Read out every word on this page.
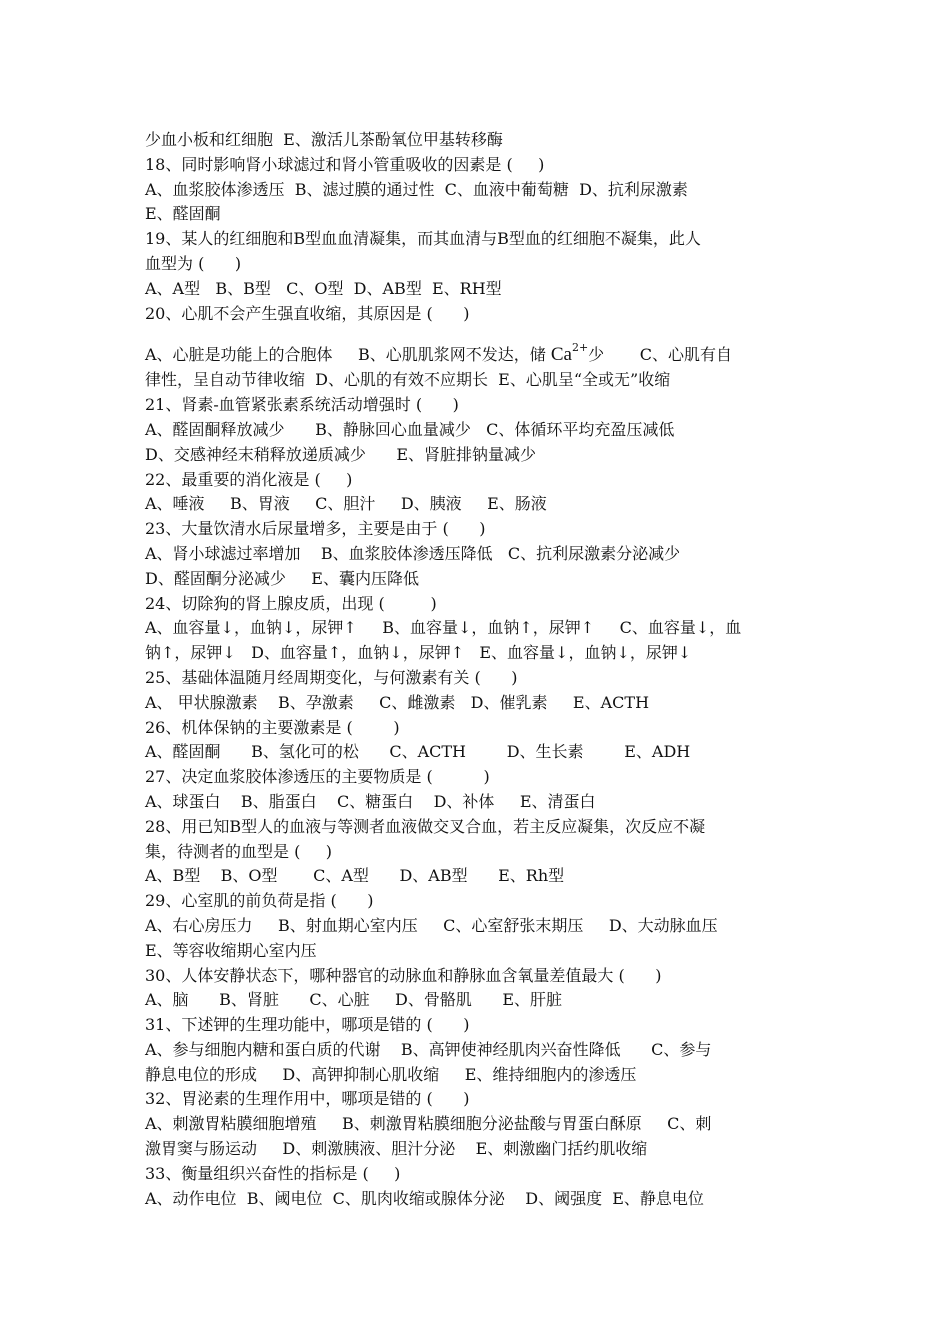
少血小板和红细胞  E、激活儿茶酚氧位甲基转移酶
18、同时影响肾小球滤过和肾小管重吸收的因素是 (     )
A、血浆胶体渗透压  B、滤过膜的通过性  C、血液中葡萄糖  D、抗利尿激素
E、醛固酮
19、某人的红细胞和B型血血清凝集，而其血清与B型血的红细胞不凝集，此人
血型为 (      )
A、A型   B、B型   C、O型  D、AB型  E、RH型
20、心肌不会产生强直收缩，其原因是 (      )
A、心脏是功能上的合胞体     B、心肌肌浆网不发达，储 $Ca^{2+}$少       C、心肌有自
律性，呈自动节律收缩  D、心肌的有效不应期长  E、心肌呈“全或无”收缩
21、肾素-血管紧张素系统活动增强时 (      )
A、醛固酮释放减少      B、静脉回心血量减少   C、体循环平均充盈压减低
D、交感神经末稍释放递质减少      E、肾脏排钠量减少
22、最重要的消化液是 (     )
A、唾液     B、胃液     C、胆汁     D、胰液     E、肠液
23、大量饮清水后尿量增多，主要是由于 (      )
A、肾小球滤过率增加    B、血浆胶体渗透压降低   C、抗利尿激素分泌减少
D、醛固酮分泌减少     E、囊内压降低
24、切除狗的肾上腺皮质，出现 (         )
A、血容量↓，血钠↓，尿钾↑     B、血容量↓，血钠↑，尿钾↑     C、血容量↓，血
钠↑，尿钾↓   D、血容量↑，血钠↓，尿钾↑   E、血容量↓，血钠↓，尿钾↓
25、基础体温随月经周期变化，与何激素有关 (      )
A、 甲状腺激素    B、孕激素     C、雌激素   D、催乳素     E、ACTH
26、机体保钠的主要激素是 (        )
A、醛固酮      B、氢化可的松      C、ACTH        D、生长素        E、ADH
27、决定血浆胶体渗透压的主要物质是 (          )
A、球蛋白    B、脂蛋白    C、糖蛋白    D、补体     E、清蛋白
28、用已知B型人的血液与等测者血液做交叉合血，若主反应凝集，次反应不凝
集，待测者的血型是 (     )
A、B型    B、O型       C、A型      D、AB型      E、Rh型
29、心室肌的前负荷是指 (      )
A、右心房压力     B、射血期心室内压     C、心室舒张末期压     D、大动脉血压
E、等容收缩期心室内压
30、人体安静状态下，哪种器官的动脉血和静脉血含氧量差值最大 (      )
A、脑      B、肾脏      C、心脏     D、骨骼肌      E、肝脏
31、下述钾的生理功能中，哪项是错的 (      )
A、参与细胞内糖和蛋白质的代谢    B、高钾使神经肌肉兴奋性降低      C、参与
静息电位的形成     D、高钾抑制心肌收缩     E、维持细胞内的渗透压
32、胃泌素的生理作用中，哪项是错的 (      )
A、刺激胃粘膜细胞增殖     B、刺激胃粘膜细胞分泌盐酸与胃蛋白酥原     C、刺
激胃窦与肠运动     D、刺激胰液、胆汁分泌    E、刺激幽门括约肌收缩
33、衡量组织兴奋性的指标是 (     )
A、动作电位  B、阈电位  C、肌肉收缩或腺体分泌    D、阈强度  E、静息电位
